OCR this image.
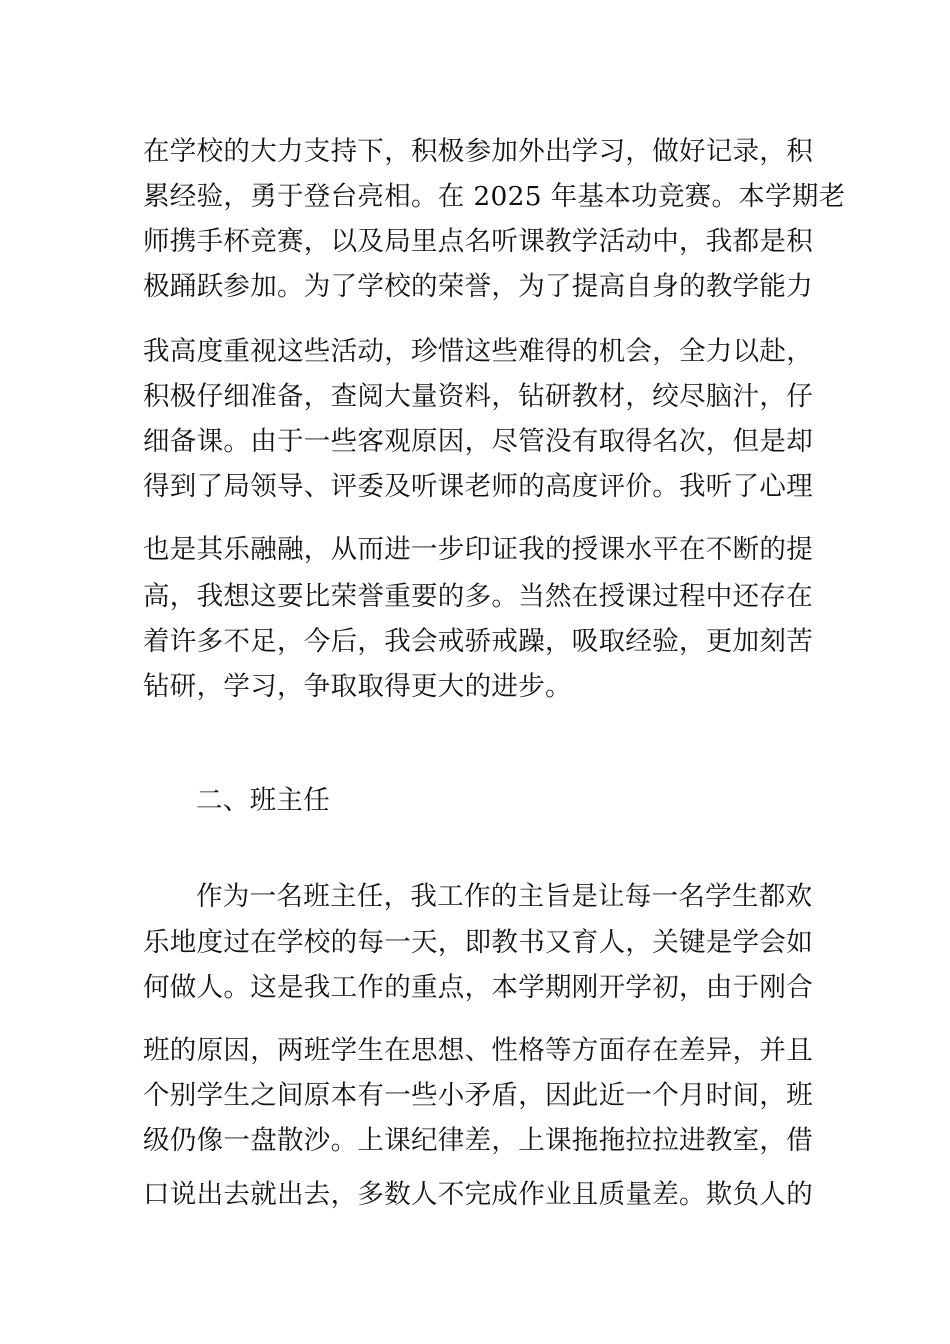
在学校的大力支持下，积极参加外出学习，做好记录，积
累经验，勇于登台亮相。在 2025 年基本功竞赛。本学期老
师携手杯竞赛，以及局里点名听课教学活动中，我都是积
极踊跃参加。为了学校的荣誉，为了提高自身的教学能力
我高度重视这些活动，珍惜这些难得的机会，全力以赴，
积极仔细准备，查阅大量资料，钻研教材，绞尽脑汁，仔
细备课。由于一些客观原因，尽管没有取得名次，但是却
得到了局领导、评委及听课老师的高度评价。我听了心理
也是其乐融融，从而进一步印证我的授课水平在不断的提
高，我想这要比荣誉重要的多。当然在授课过程中还存在
着许多不足，今后，我会戒骄戒躁，吸取经验，更加刻苦
钻研，学习，争取取得更大的进步。
二、班主任
作为一名班主任，我工作的主旨是让每一名学生都欢
乐地度过在学校的每一天，即教书又育人，关键是学会如
何做人。这是我工作的重点，本学期刚开学初，由于刚合
班的原因，两班学生在思想、性格等方面存在差异，并且
个别学生之间原本有一些小矛盾，因此近一个月时间，班
级仍像一盘散沙。上课纪律差，上课拖拖拉拉进教室，借
口说出去就出去，多数人不完成作业且质量差。欺负人的
